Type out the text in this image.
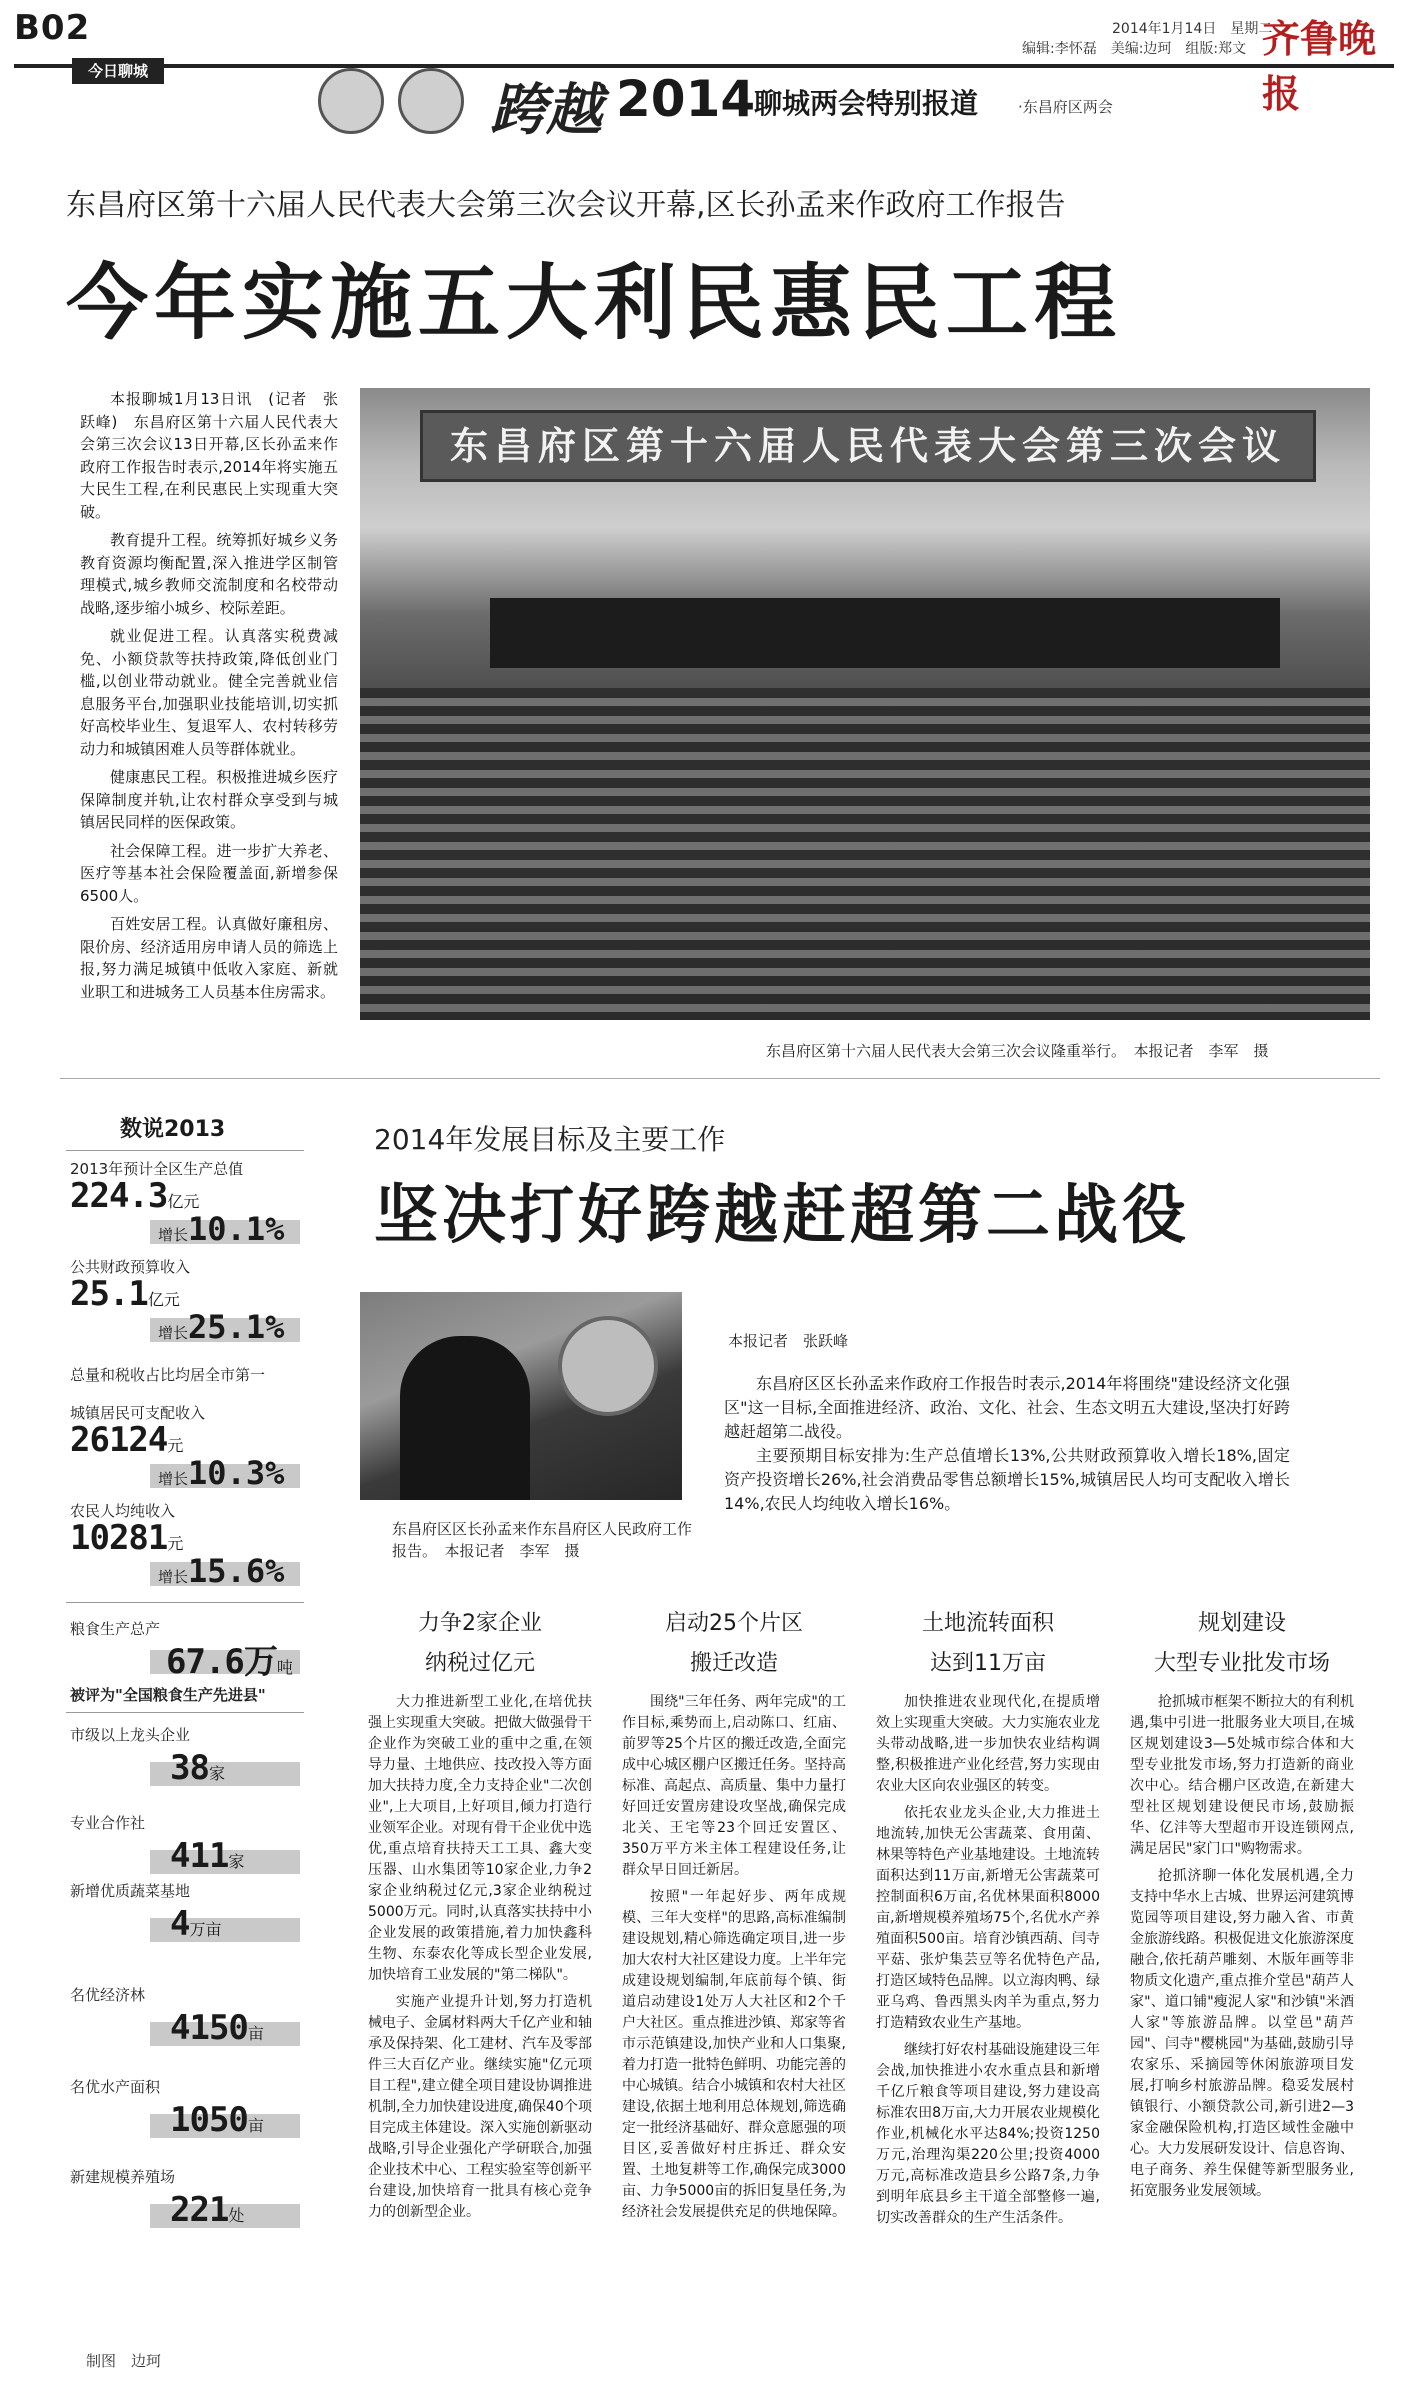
B02	2014年1月14日　星期二
编辑:李怀磊　美编:边珂　组版:郑文 齐鲁晚报
今日聊城
跨越 2014
聊城两会特别报道	·东昌府区两会
东昌府区第十六届人民代表大会第三次会议开幕,区长孙孟来作政府工作报告
今年实施五大利民惠民工程

本报聊城1月13日讯　(记者　张跃峰)　东昌府区第十六届人民代表大会第三次会议13日开幕,区长孙孟来作政府工作报告时表示,2014年将实施五大民生工程,在利民惠民上实现重大突破。

教育提升工程。统筹抓好城乡义务教育资源均衡配置,深入推进学区制管理模式,城乡教师交流制度和名校带动战略,逐步缩小城乡、校际差距。

就业促进工程。认真落实税费减免、小额贷款等扶持政策,降低创业门槛,以创业带动就业。健全完善就业信息服务平台,加强职业技能培训,切实抓好高校毕业生、复退军人、农村转移劳动力和城镇困难人员等群体就业。

健康惠民工程。积极推进城乡医疗保障制度并轨,让农村群众享受到与城镇居民同样的医保政策。

社会保障工程。进一步扩大养老、医疗等基本社会保险覆盖面,新增参保6500人。

百姓安居工程。认真做好廉租房、限价房、经济适用房申请人员的筛选上报,努力满足城镇中低收入家庭、新就业职工和进城务工人员基本住房需求。

东昌府区第十六届人民代表大会第三次会议
东昌府区第十六届人民代表大会第三次会议隆重举行。　本报记者　李军　摄
数说2013
2013年预计全区生产总值
224.3亿元
增长10.1%
公共财政预算收入
25.1亿元
增长25.1%
总量和税收占比均居全市第一
城镇居民可支配收入
26124元
增长10.3%
农民人均纯收入
10281元
增长15.6%
粮食生产总产
67.6万吨
被评为"全国粮食生产先进县"
市级以上龙头企业
38家
专业合作社
411家
新增优质蔬菜基地
4万亩
名优经济林
4150亩
名优水产面积
1050亩
新建规模养殖场
221处
制图　边珂
2014年发展目标及主要工作
坚决打好跨越赶超第二战役
东昌府区区长孙孟来作东昌府区人民政府工作报告。　本报记者　李军　摄
本报记者　张跃峰

东昌府区区长孙孟来作政府工作报告时表示,2014年将围绕"建设经济文化强区"这一目标,全面推进经济、政治、文化、社会、生态文明五大建设,坚决打好跨越赶超第二战役。

主要预期目标安排为:生产总值增长13%,公共财政预算收入增长18%,固定资产投资增长26%,社会消费品零售总额增长15%,城镇居民人均可支配收入增长14%,农民人均纯收入增长16%。

力争2家企业
纳税过亿元

大力推进新型工业化,在培优扶强上实现重大突破。把做大做强骨干企业作为突破工业的重中之重,在领导力量、土地供应、技改投入等方面加大扶持力度,全力支持企业"二次创业",上大项目,上好项目,倾力打造行业领军企业。对现有骨干企业优中选优,重点培育扶持天工工具、鑫大变压器、山水集团等10家企业,力争2家企业纳税过亿元,3家企业纳税过5000万元。同时,认真落实扶持中小企业发展的政策措施,着力加快鑫科生物、东泰农化等成长型企业发展,加快培育工业发展的"第二梯队"。

实施产业提升计划,努力打造机械电子、金属材料两大千亿产业和轴承及保持架、化工建材、汽车及零部件三大百亿产业。继续实施"亿元项目工程",建立健全项目建设协调推进机制,全力加快建设进度,确保40个项目完成主体建设。深入实施创新驱动战略,引导企业强化产学研联合,加强企业技术中心、工程实验室等创新平台建设,加快培育一批具有核心竞争力的创新型企业。

启动25个片区
搬迁改造

围绕"三年任务、两年完成"的工作目标,乘势而上,启动陈口、红庙、前罗等25个片区的搬迁改造,全面完成中心城区棚户区搬迁任务。坚持高标准、高起点、高质量、集中力量打好回迁安置房建设攻坚战,确保完成北关、王宅等23个回迁安置区、350万平方米主体工程建设任务,让群众早日回迁新居。

按照"一年起好步、两年成规模、三年大变样"的思路,高标准编制建设规划,精心筛选确定项目,进一步加大农村大社区建设力度。上半年完成建设规划编制,年底前每个镇、街道启动建设1处万人大社区和2个千户大社区。重点推进沙镇、郑家等省市示范镇建设,加快产业和人口集聚,着力打造一批特色鲜明、功能完善的中心城镇。结合小城镇和农村大社区建设,依据土地利用总体规划,筛选确定一批经济基础好、群众意愿强的项目区,妥善做好村庄拆迁、群众安置、土地复耕等工作,确保完成3000亩、力争5000亩的拆旧复垦任务,为经济社会发展提供充足的供地保障。

土地流转面积
达到11万亩

加快推进农业现代化,在提质增效上实现重大突破。大力实施农业龙头带动战略,进一步加快农业结构调整,积极推进产业化经营,努力实现由农业大区向农业强区的转变。

依托农业龙头企业,大力推进土地流转,加快无公害蔬菜、食用菌、林果等特色产业基地建设。土地流转面积达到11万亩,新增无公害蔬菜可控制面积6万亩,名优林果面积8000亩,新增规模养殖场75个,名优水产养殖面积500亩。培育沙镇西葫、闫寺平菇、张炉集芸豆等名优特色产品,打造区域特色品牌。以立海肉鸭、绿亚乌鸡、鲁西黑头肉羊为重点,努力打造精致农业生产基地。

继续打好农村基础设施建设三年会战,加快推进小农水重点县和新增千亿斤粮食等项目建设,努力建设高标准农田8万亩,大力开展农业规模化作业,机械化水平达84%;投资1250万元,治理沟渠220公里;投资4000万元,高标准改造县乡公路7条,力争到明年底县乡主干道全部整修一遍,切实改善群众的生产生活条件。

规划建设
大型专业批发市场

抢抓城市框架不断拉大的有利机遇,集中引进一批服务业大项目,在城区规划建设3—5处城市综合体和大型专业批发市场,努力打造新的商业次中心。结合棚户区改造,在新建大型社区规划建设便民市场,鼓励振华、亿沣等大型超市开设连锁网点,满足居民"家门口"购物需求。

抢抓济聊一体化发展机遇,全力支持中华水上古城、世界运河建筑博览园等项目建设,努力融入省、市黄金旅游线路。积极促进文化旅游深度融合,依托葫芦雕刻、木版年画等非物质文化遗产,重点推介堂邑"葫芦人家"、道口铺"瘦泥人家"和沙镇"米酒人家"等旅游品牌。以堂邑"葫芦园"、闫寺"樱桃园"为基础,鼓励引导农家乐、采摘园等休闲旅游项目发展,打响乡村旅游品牌。稳妥发展村镇银行、小额贷款公司,新引进2—3家金融保险机构,打造区域性金融中心。大力发展研发设计、信息咨询、电子商务、养生保健等新型服务业,拓宽服务业发展领域。
